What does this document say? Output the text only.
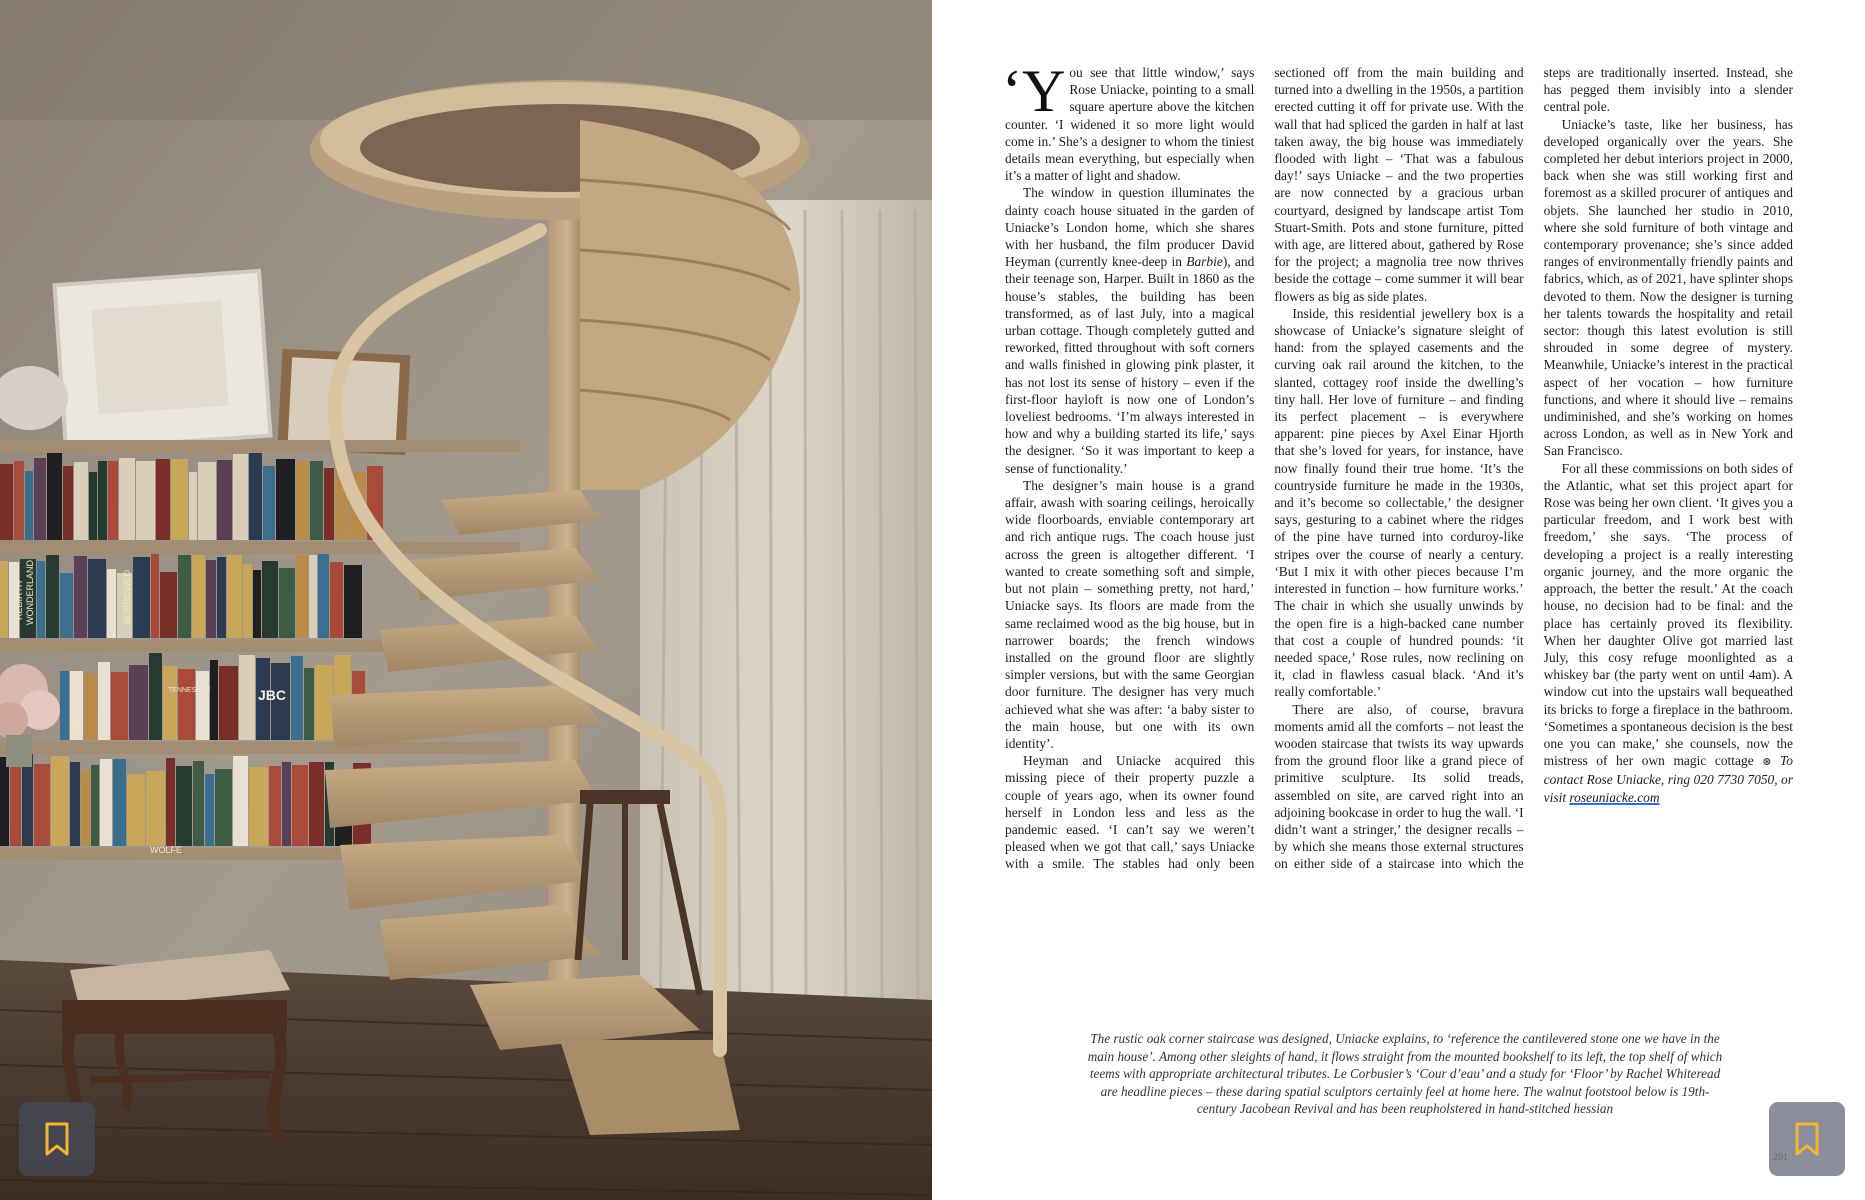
REBIRTH WONDERLAND	BORROWED
TENNESSEE
AREA
JBC
WOLFE

‘You see that little window,’ says Rose Uniacke, pointing to a small square aperture above the kitchen counter. ‘I widened it so more light would come in.’ She’s a designer to whom the tiniest details mean everything, but especially when it’s a matter of light and shadow.

The window in question illuminates the dainty coach house situated in the garden of Uniacke’s London home, which she shares with her husband, the film producer David Heyman (currently knee-deep in Barbie), and their teenage son, Harper. Built in 1860 as the house’s stables, the building has been transformed, as of last July, into a magical urban cottage. Though completely gutted and reworked, fitted throughout with soft corners and walls finished in glowing pink plaster, it has not lost its sense of history – even if the first-floor hayloft is now one of London’s loveliest bedrooms. ‘I’m always interested in how and why a building started its life,’ says the designer. ‘So it was important to keep a sense of functionality.’

The designer’s main house is a grand affair, awash with soaring ceilings, heroically wide floorboards, enviable contemporary art and rich antique rugs. The coach house just across the green is altogether different. ‘I wanted to create something soft and simple, but not plain – something pretty, not hard,’ Uniacke says. Its floors are made from the same reclaimed wood as the big house, but in narrower boards; the french windows installed on the ground floor are slightly simpler versions, but with the same Georgian door furniture. The designer has very much achieved what she was after: ‘a baby sister to the main house, but one with its own identity’.

Heyman and Uniacke acquired this missing piece of their property puzzle a couple of years ago, when its owner found herself in London less and less as the pandemic eased. ‘I can’t say we weren’t pleased when we got that call,’ says Uniacke with a smile. The stables had only been sectioned off from the main building and turned into a dwelling in the 1950s, a partition erected cutting it off for private use. With the wall that had spliced the garden in half at last taken away, the big house was immediately flooded with light – ‘That was a fabulous day!’ says Uniacke – and the two properties are now connected by a gracious urban courtyard, designed by landscape artist Tom Stuart-Smith. Pots and stone furniture, pitted with age, are littered about, gathered by Rose for the project; a magnolia tree now thrives beside the cottage – come summer it will bear flowers as big as side plates.

Inside, this residential jewellery box is a showcase of Uniacke’s signature sleight of hand: from the splayed casements and the curving oak rail around the kitchen, to the slanted, cottagey roof inside the dwelling’s tiny hall. Her love of furniture – and finding its perfect placement – is everywhere apparent: pine pieces by Axel Einar Hjorth that she’s loved for years, for instance, have now finally found their true home. ‘It’s the countryside furniture he made in the 1930s, and it’s become so collectable,’ the designer says, gesturing to a cabinet where the ridges of the pine have turned into corduroy-like stripes over the course of nearly a century. ‘But I mix it with other pieces because I’m interested in function – how furniture works.’ The chair in which she usually unwinds by the open fire is a high-backed cane number that cost a couple of hundred pounds: ‘it needed space,’ Rose rules, now reclining on it, clad in flawless casual black. ‘And it’s really comfortable.’

There are also, of course, bravura moments amid all the comforts – not least the wooden staircase that twists its way upwards from the ground floor like a grand piece of primitive sculpture. Its solid treads, assembled on site, are carved right into an adjoining bookcase in order to hug the wall. ‘I didn’t want a stringer,’ the designer recalls – by which she means those external structures on either side of a staircase into which the steps are traditionally inserted. Instead, she has pegged them invisibly into a slender central pole.

Uniacke’s taste, like her business, has developed organically over the years. She completed her debut interiors project in 2000, back when she was still working first and foremost as a skilled procurer of antiques and objets. She launched her studio in 2010, where she sold furniture of both vintage and contemporary provenance; she’s since added ranges of environmentally friendly paints and fabrics, which, as of 2021, have splinter shops devoted to them. Now the designer is turning her talents towards the hospitality and retail sector: though this latest evolution is still shrouded in some degree of mystery. Meanwhile, Uniacke’s interest in the practical aspect of her vocation – how furniture functions, and where it should live – remains undiminished, and she’s working on homes across London, as well as in New York and San Francisco.

For all these commissions on both sides of the Atlantic, what set this project apart for Rose was being her own client. ‘It gives you a particular freedom, and I work best with freedom,’ she says. ‘The process of developing a project is a really interesting organic journey, and the more organic the approach, the better the result.’ At the coach house, no decision had to be final: and the place has certainly proved its flexibility. When her daughter Olive got married last July, this cosy refuge moonlighted as a whiskey bar (the party went on until 4am). A window cut into the upstairs wall bequeathed its bricks to forge a fireplace in the bathroom. ‘Sometimes a spontaneous decision is the best one you can make,’ she counsels, now the mistress of her own magic cottage ⊛ To contact Rose Uniacke, ring 020 7730 7050, or visit roseuniacke.com

The rustic oak corner staircase was designed, Uniacke explains, to ‘reference the cantilevered stone one we have in the main house’. Among other sleights of hand, it flows straight from the mounted bookshelf to its left, the top shelf of which teems with appropriate architectural tributes. Le Corbusier’s ‘Cour d’eau’ and a study for ‘Floor’ by Rachel Whiteread are headline pieces – these daring spatial sculptors certainly feel at home here. The walnut footstool below is 19th-century Jacobean Revival and has been reupholstered in hand-stitched hessian
201
